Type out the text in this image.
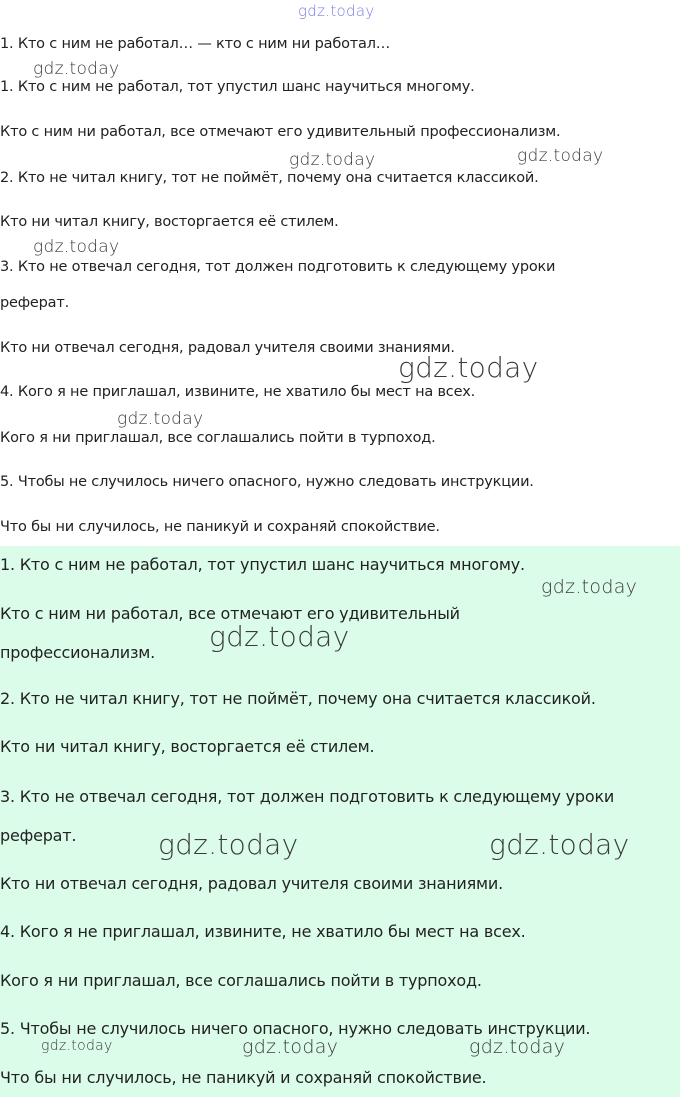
gdz.today
1. Кто с ним не работал… — кто с ним ни работал…
gdz.today
1. Кто с ним не работал, тот упустил шанс научиться многому.
Кто с ним ни работал, все отмечают его удивительный профессионализм.
gdz.today	gdz.today
2. Кто не читал книгу, тот не поймёт, почему она считается классикой.
Кто ни читал книгу, восторгается её стилем.
gdz.today
3. Кто не отвечал сегодня, тот должен подготовить к следующему уроки
реферат.
Кто ни отвечал сегодня, радовал учителя своими знаниями.
gdz.today
4. Кого я не приглашал, извините, не хватило бы мест на всех.
gdz.today
Кого я ни приглашал, все соглашались пойти в турпоход.
5. Чтобы не случилось ничего опасного, нужно следовать инструкции.
Что бы ни случилось, не паникуй и сохраняй спокойствие.
1. Кто с ним не работал, тот упустил шанс научиться многому.
gdz.today
Кто с ним ни работал, все отмечают его удивительный
gdz.today
профессионализм.
2. Кто не читал книгу, тот не поймёт, почему она считается классикой.
Кто ни читал книгу, восторгается её стилем.
3. Кто не отвечал сегодня, тот должен подготовить к следующему уроки
gdz.today	gdz.today
реферат.
Кто ни отвечал сегодня, радовал учителя своими знаниями.
4. Кого я не приглашал, извините, не хватило бы мест на всех.
Кого я ни приглашал, все соглашались пойти в турпоход.
5. Чтобы не случилось ничего опасного, нужно следовать инструкции.
gdz.today	gdz.today	gdz.today
Что бы ни случилось, не паникуй и сохраняй спокойствие.
